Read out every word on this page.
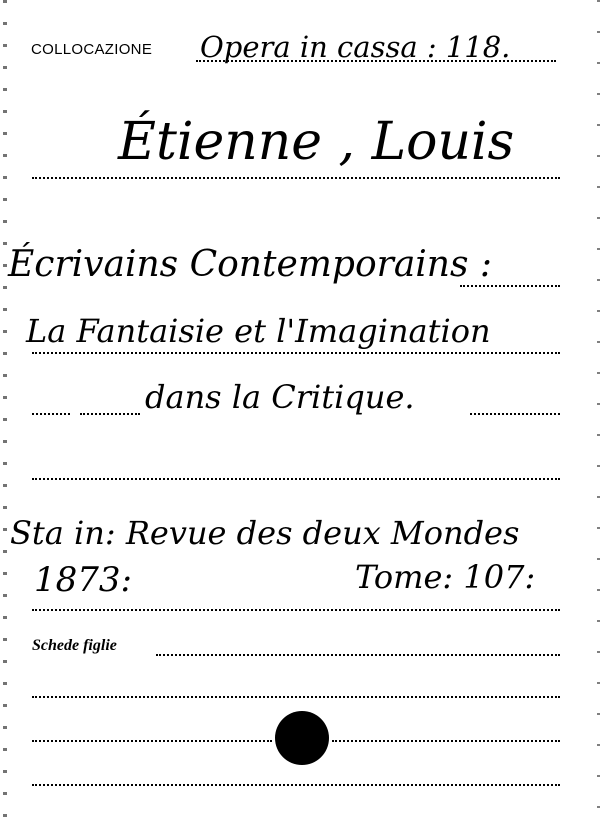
COLLOCAZIONE Opera in cassa : 118.
Étienne , Louis
Écrivains Contemporains :
La Fantaisie et l'Imagination
dans la Critique.
Sta in: Revue des deux Mondes
1873:	Tome: 107:
Schede figlie
